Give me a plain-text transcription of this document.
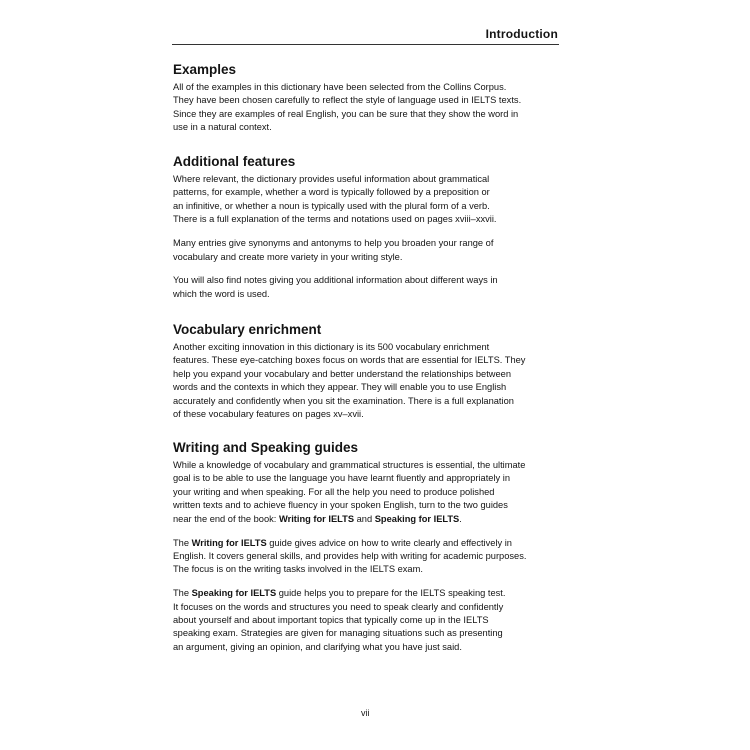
Introduction
Examples
All of the examples in this dictionary have been selected from the Collins Corpus.
They have been chosen carefully to reflect the style of language used in IELTS texts.
Since they are examples of real English, you can be sure that they show the word in
use in a natural context.
Additional features
Where relevant, the dictionary provides useful information about grammatical
patterns, for example, whether a word is typically followed by a preposition or
an infinitive, or whether a noun is typically used with the plural form of a verb.
There is a full explanation of the terms and notations used on pages xviii–xxvii.
Many entries give synonyms and antonyms to help you broaden your range of
vocabulary and create more variety in your writing style.
You will also find notes giving you additional information about different ways in
which the word is used.
Vocabulary enrichment
Another exciting innovation in this dictionary is its 500 vocabulary enrichment
features. These eye-catching boxes focus on words that are essential for IELTS. They
help you expand your vocabulary and better understand the relationships between
words and the contexts in which they appear. They will enable you to use English
accurately and confidently when you sit the examination. There is a full explanation
of these vocabulary features on pages xv–xvii.
Writing and Speaking guides
While a knowledge of vocabulary and grammatical structures is essential, the ultimate
goal is to be able to use the language you have learnt fluently and appropriately in
your writing and when speaking. For all the help you need to produce polished
written texts and to achieve fluency in your spoken English, turn to the two guides
near the end of the book: Writing for IELTS and Speaking for IELTS.
The Writing for IELTS guide gives advice on how to write clearly and effectively in
English. It covers general skills, and provides help with writing for academic purposes.
The focus is on the writing tasks involved in the IELTS exam.
The Speaking for IELTS guide helps you to prepare for the IELTS speaking test.
It focuses on the words and structures you need to speak clearly and confidently
about yourself and about important topics that typically come up in the IELTS
speaking exam. Strategies are given for managing situations such as presenting
an argument, giving an opinion, and clarifying what you have just said.
vii
